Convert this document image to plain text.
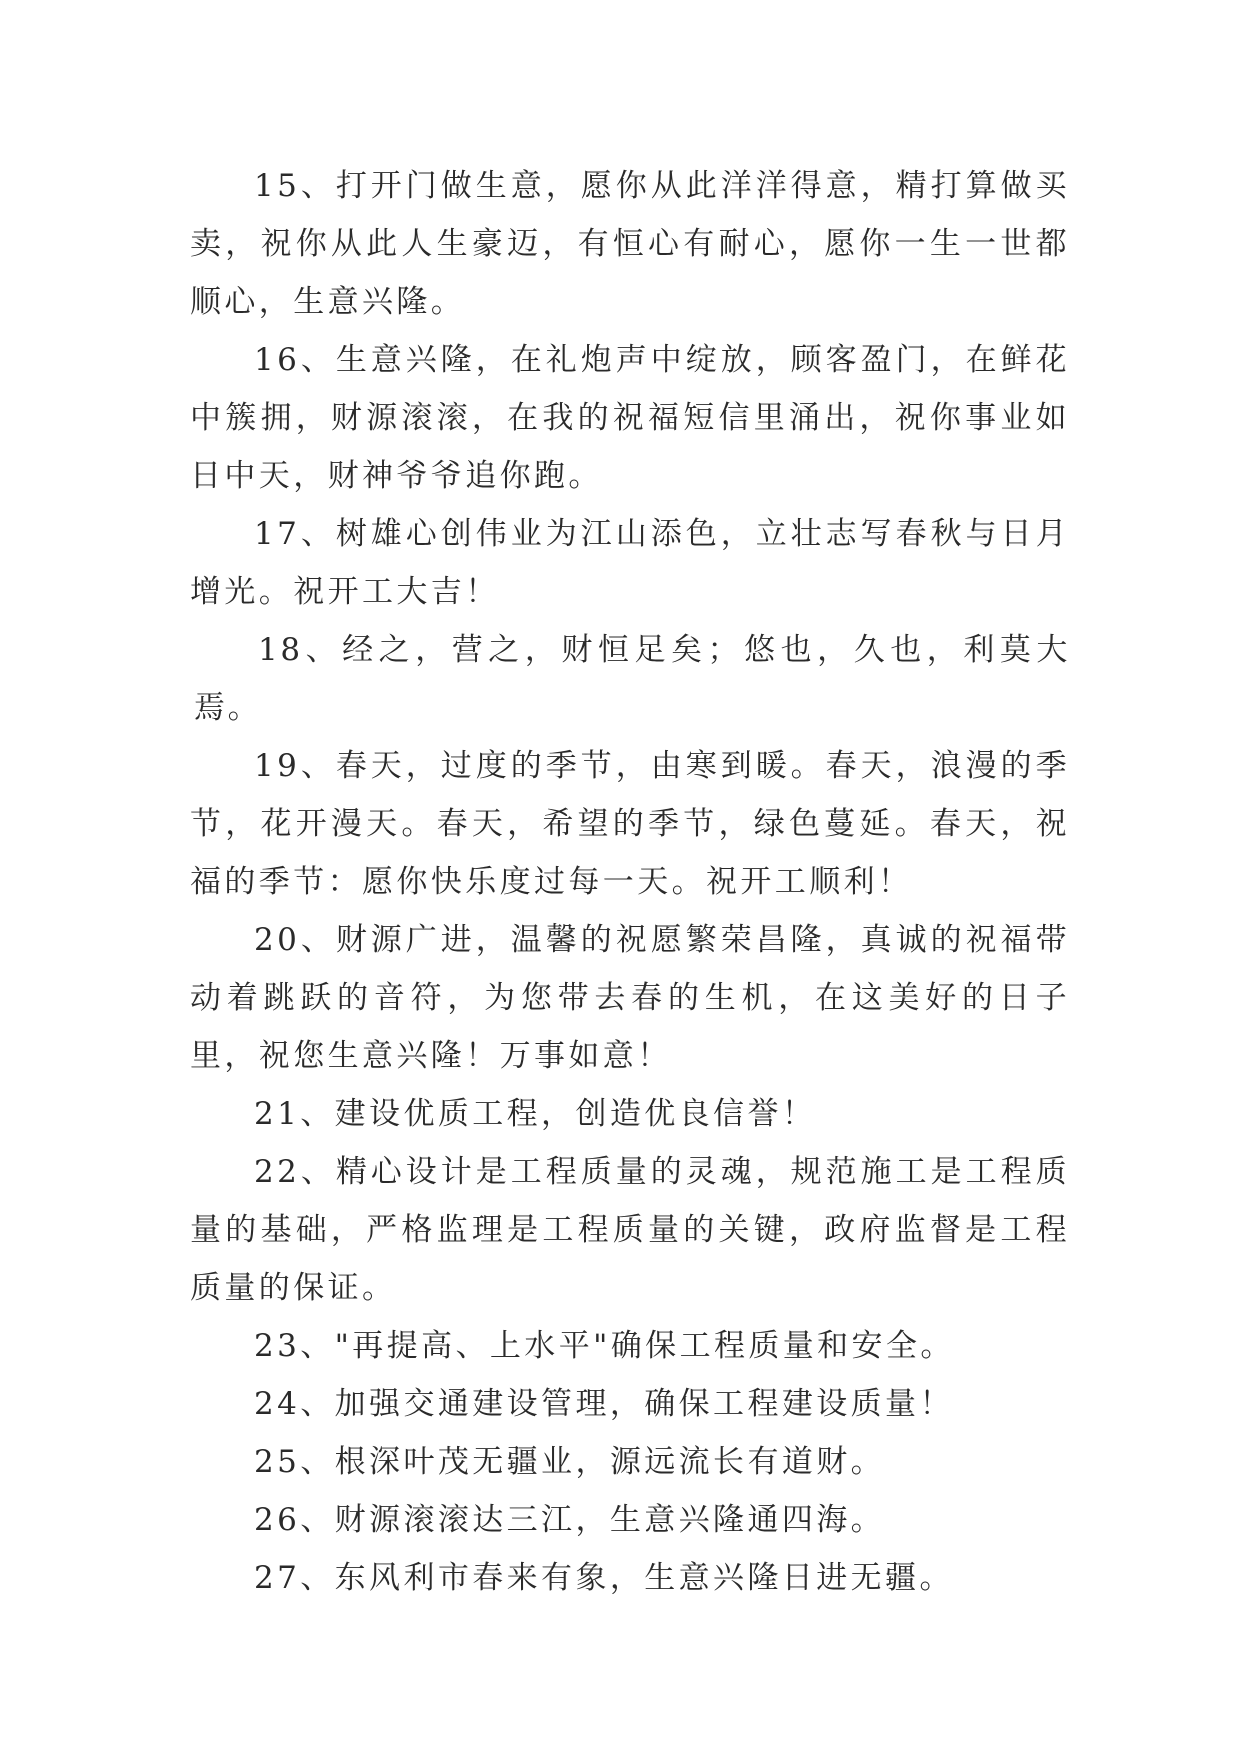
15、打开门做生意，愿你从此洋洋得意，精打算做买卖，祝你从此人生豪迈，有恒心有耐心，愿你一生一世都顺心，生意兴隆。

16、生意兴隆，在礼炮声中绽放，顾客盈门，在鲜花中簇拥，财源滚滚，在我的祝福短信里涌出，祝你事业如日中天，财神爷爷追你跑。

17、树雄心创伟业为江山添色，立壮志写春秋与日月增光。祝开工大吉！

18、经之，营之，财恒足矣；悠也，久也，利莫大焉。

19、春天，过度的季节，由寒到暖。春天，浪漫的季节，花开漫天。春天，希望的季节，绿色蔓延。春天，祝福的季节：愿你快乐度过每一天。祝开工顺利！

20、财源广进，温馨的祝愿繁荣昌隆，真诚的祝福带动着跳跃的音符，为您带去春的生机，在这美好的日子里，祝您生意兴隆！万事如意！

21、建设优质工程，创造优良信誉！

22、精心设计是工程质量的灵魂，规范施工是工程质量的基础，严格监理是工程质量的关键，政府监督是工程质量的保证。

23、"再提高、上水平"确保工程质量和安全。

24、加强交通建设管理，确保工程建设质量！

25、根深叶茂无疆业，源远流长有道财。

26、财源滚滚达三江，生意兴隆通四海。

27、东风利市春来有象，生意兴隆日进无疆。
